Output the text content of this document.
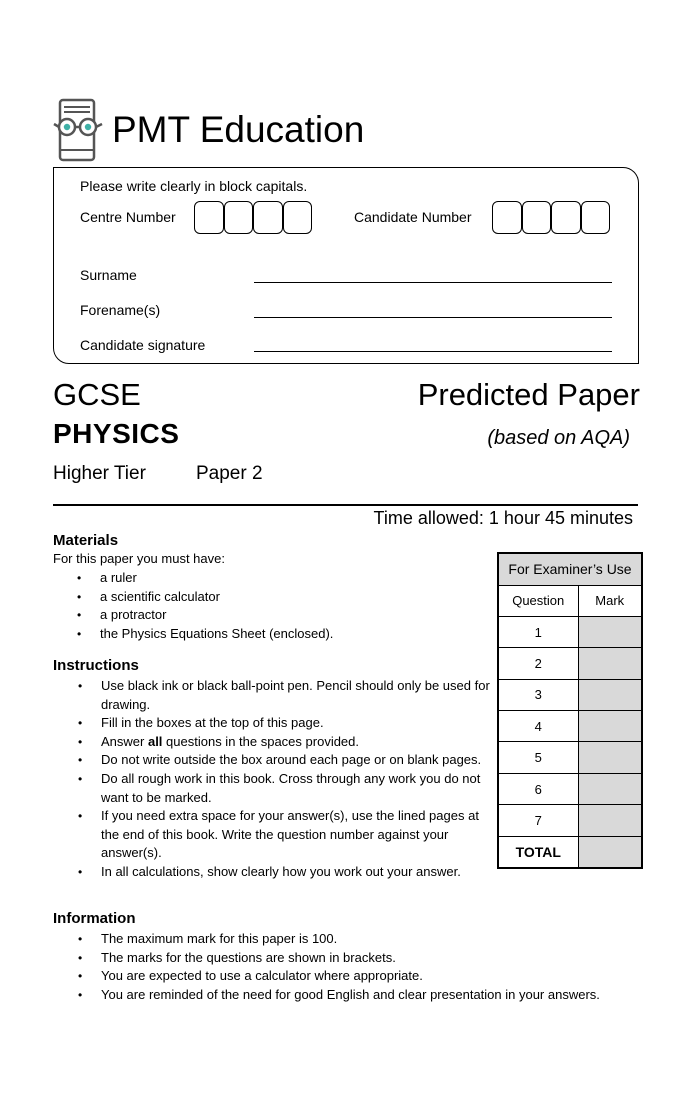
PMT Education
Please write clearly in block capitals.
Centre Number	Candidate Number
Surname
Forename(s)
Candidate signature
GCSE	Predicted Paper
PHYSICS	(based on AQA)
Higher Tier	Paper 2
Time allowed: 1 hour 45 minutes
Materials
For this paper you must have:
• a ruler
• a scientific calculator
• a protractor
• the Physics Equations Sheet (enclosed).
Instructions
• Use black ink or black ball-point pen. Pencil should only be used for drawing.
• Fill in the boxes at the top of this page.
• Answer all questions in the spaces provided.
• Do not write outside the box around each page or on blank pages.
• Do all rough work in this book. Cross through any work you do not want to be marked.
• If you need extra space for your answer(s), use the lined pages at the end of this book. Write the question number against your answer(s).
• In all calculations, show clearly how you work out your answer.
Information
• The maximum mark for this paper is 100.
• The marks for the questions are shown in brackets.
• You are expected to use a calculator where appropriate.
• You are reminded of the need for good English and clear presentation in your answers.
For Examiner’s Use	
Question	Mark
1	
2	
3	
4	
5	
6	
7	
TOTAL	
